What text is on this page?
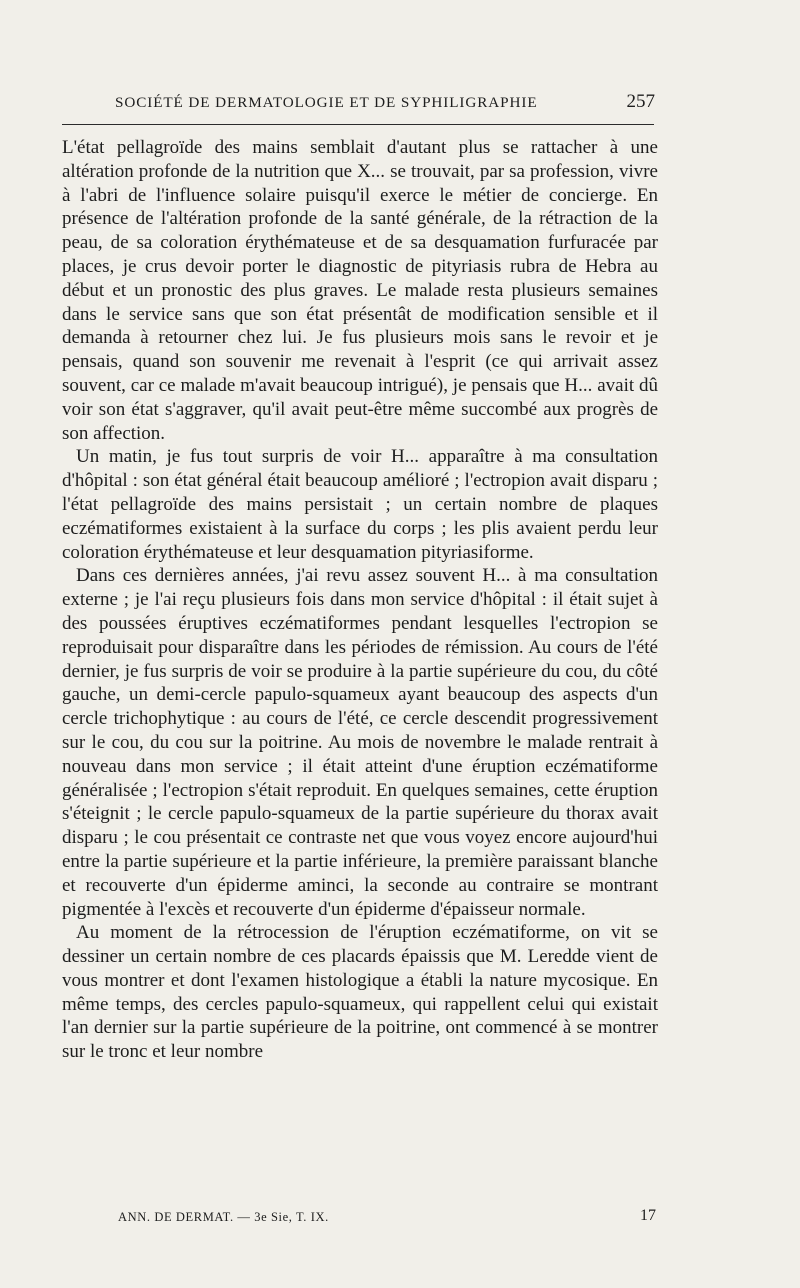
SOCIÉTÉ DE DERMATOLOGIE ET DE SYPHILIGRAPHIE	257

L'état pellagroïde des mains semblait d'autant plus se rattacher à une altération profonde de la nutrition que X... se trouvait, par sa profession, vivre à l'abri de l'influence solaire puisqu'il exerce le métier de concierge. En présence de l'altération profonde de la santé générale, de la rétraction de la peau, de sa coloration érythémateuse et de sa desquamation furfuracée par places, je crus devoir porter le diagnostic de pityriasis rubra de Hebra au début et un pronostic des plus graves. Le malade resta plusieurs semaines dans le service sans que son état présentât de modification sensible et il demanda à retourner chez lui. Je fus plusieurs mois sans le revoir et je pensais, quand son souvenir me revenait à l'esprit (ce qui arrivait assez souvent, car ce malade m'avait beaucoup intrigué), je pensais que H... avait dû voir son état s'aggraver, qu'il avait peut-être même succombé aux progrès de son affection.

Un matin, je fus tout surpris de voir H... apparaître à ma consultation d'hôpital : son état général était beaucoup amélioré ; l'ectropion avait disparu ; l'état pellagroïde des mains persistait ; un certain nombre de plaques eczématiformes existaient à la surface du corps ; les plis avaient perdu leur coloration érythémateuse et leur desquamation pityriasiforme.

Dans ces dernières années, j'ai revu assez souvent H... à ma consultation externe ; je l'ai reçu plusieurs fois dans mon service d'hôpital : il était sujet à des poussées éruptives eczématiformes pendant lesquelles l'ectropion se reproduisait pour disparaître dans les périodes de rémission. Au cours de l'été dernier, je fus surpris de voir se produire à la partie supérieure du cou, du côté gauche, un demi-cercle papulo-squameux ayant beaucoup des aspects d'un cercle trichophytique : au cours de l'été, ce cercle descendit progressivement sur le cou, du cou sur la poitrine. Au mois de novembre le malade rentrait à nouveau dans mon service ; il était atteint d'une éruption eczématiforme généralisée ; l'ectropion s'était reproduit. En quelques semaines, cette éruption s'éteignit ; le cercle papulo-squameux de la partie supérieure du thorax avait disparu ; le cou présentait ce contraste net que vous voyez encore aujourd'hui entre la partie supérieure et la partie inférieure, la première paraissant blanche et recouverte d'un épiderme aminci, la seconde au contraire se montrant pigmentée à l'excès et recouverte d'un épiderme d'épaisseur normale.

Au moment de la rétrocession de l'éruption eczématiforme, on vit se dessiner un certain nombre de ces placards épaissis que M. Leredde vient de vous montrer et dont l'examen histologique a établi la nature mycosique. En même temps, des cercles papulo-squameux, qui rappellent celui qui existait l'an dernier sur la partie supérieure de la poitrine, ont commencé à se montrer sur le tronc et leur nombre

ANN. DE DERMAT. — 3e Sie, T. IX.	17
